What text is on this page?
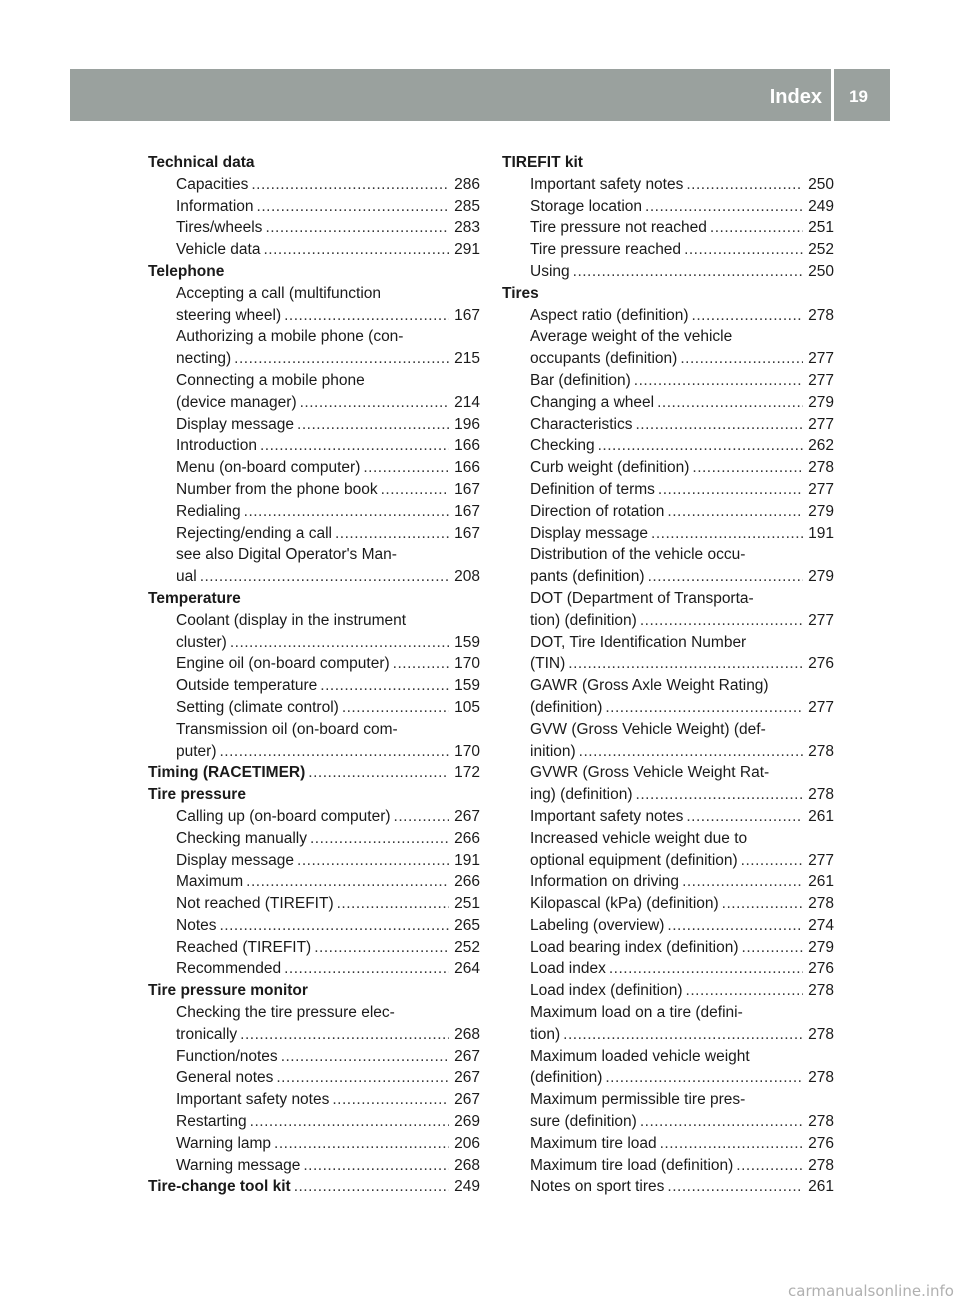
Index 19
Technical data
Capacities .....	286
Information .....	285
Tires/wheels .....	283
Vehicle data .....	291
Telephone
Accepting a call (multifunction
steering wheel) .....	167
Authorizing a mobile phone (con-
necting) .....	215
Connecting a mobile phone
(device manager) .....	214
Display message .....	196
Introduction .....	166
Menu (on-board computer) .....	166
Number from the phone book .....	167
Redialing .....	167
Rejecting/ending a call .....	167
see also Digital Operator's Man-
ual .....	208
Temperature
Coolant (display in the instrument
cluster) .....	159
Engine oil (on-board computer) .....	170
Outside temperature .....	159
Setting (climate control) .....	105
Transmission oil (on-board com-
puter) .....	170
Timing (RACETIMER) .....	172
Tire pressure
Calling up (on-board computer) .....	267
Checking manually .....	266
Display message .....	191
Maximum .....	266
Not reached (TIREFIT) .....	251
Notes .....	265
Reached (TIREFIT) .....	252
Recommended .....	264
Tire pressure monitor
Checking the tire pressure elec-
tronically .....	268
Function/notes .....	267
General notes .....	267
Important safety notes .....	267
Restarting .....	269
Warning lamp .....	206
Warning message .....	268
Tire-change tool kit .....	249
TIREFIT kit
Important safety notes .....	250
Storage location .....	249
Tire pressure not reached .....	251
Tire pressure reached .....	252
Using .....	250
Tires
Aspect ratio (definition) .....	278
Average weight of the vehicle
occupants (definition) .....	277
Bar (definition) .....	277
Changing a wheel .....	279
Characteristics .....	277
Checking .....	262
Curb weight (definition) .....	278
Definition of terms .....	277
Direction of rotation .....	279
Display message .....	191
Distribution of the vehicle occu-
pants (definition) .....	279
DOT (Department of Transporta-
tion) (definition) .....	277
DOT, Tire Identification Number
(TIN) .....	276
GAWR (Gross Axle Weight Rating)
(definition) .....	277
GVW (Gross Vehicle Weight) (def-
inition) .....	278
GVWR (Gross Vehicle Weight Rat-
ing) (definition) .....	278
Important safety notes .....	261
Increased vehicle weight due to
optional equipment (definition) .....	277
Information on driving .....	261
Kilopascal (kPa) (definition) .....	278
Labeling (overview) .....	274
Load bearing index (definition) .....	279
Load index .....	276
Load index (definition) .....	278
Maximum load on a tire (defini-
tion) .....	278
Maximum loaded vehicle weight
(definition) .....	278
Maximum permissible tire pres-
sure (definition) .....	278
Maximum tire load .....	276
Maximum tire load (definition) .....	278
Notes on sport tires .....	261
carmanualsonline.info
